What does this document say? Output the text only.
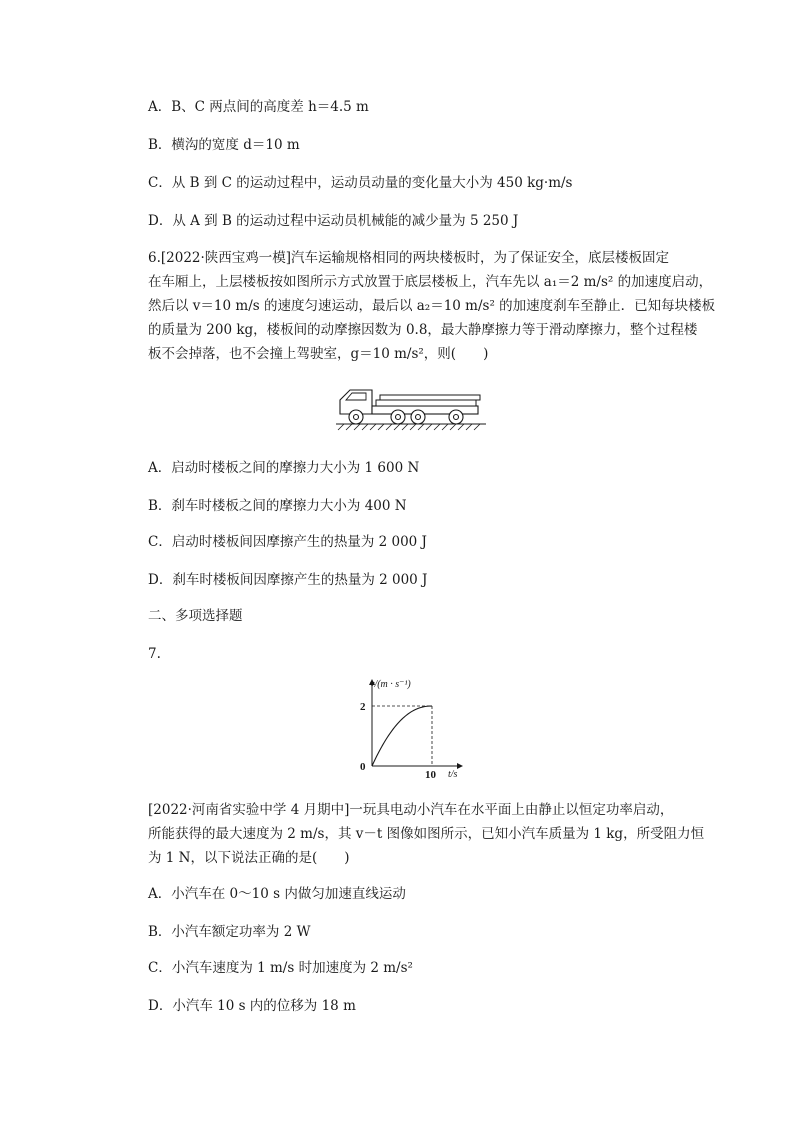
A．B、C 两点间的高度差 h＝4.5 m
B．横沟的宽度 d＝10 m
C．从 B 到 C 的运动过程中，运动员动量的变化量大小为 450 kg·m/s
D．从 A 到 B 的运动过程中运动员机械能的减少量为 5 250 J
6.[2022·陕西宝鸡一模]汽车运输规格相同的两块楼板时，为了保证安全，底层楼板固定
在车厢上，上层楼板按如图所示方式放置于底层楼板上，汽车先以 a₁＝2 m/s² 的加速度启动，
然后以 v＝10 m/s 的速度匀速运动，最后以 a₂＝10 m/s² 的加速度刹车至静止．已知每块楼板
的质量为 200 kg，楼板间的动摩擦因数为 0.8，最大静摩擦力等于滑动摩擦力，整个过程楼
板不会掉落，也不会撞上驾驶室，g＝10 m/s²，则(　　)
A．启动时楼板之间的摩擦力大小为 1 600 N
B．刹车时楼板之间的摩擦力大小为 400 N
C．启动时楼板间因摩擦产生的热量为 2 000 J
D．刹车时楼板间因摩擦产生的热量为 2 000 J
二、多项选择题
7.
v/(m · s⁻¹)
t/s
0
2
10
[2022·河南省实验中学 4 月期中]一玩具电动小汽车在水平面上由静止以恒定功率启动，
所能获得的最大速度为 2 m/s，其 v－t 图像如图所示，已知小汽车质量为 1 kg，所受阻力恒
为 1 N，以下说法正确的是(　　)
A．小汽车在 0～10 s 内做匀加速直线运动
B．小汽车额定功率为 2 W
C．小汽车速度为 1 m/s 时加速度为 2 m/s²
D．小汽车 10 s 内的位移为 18 m
